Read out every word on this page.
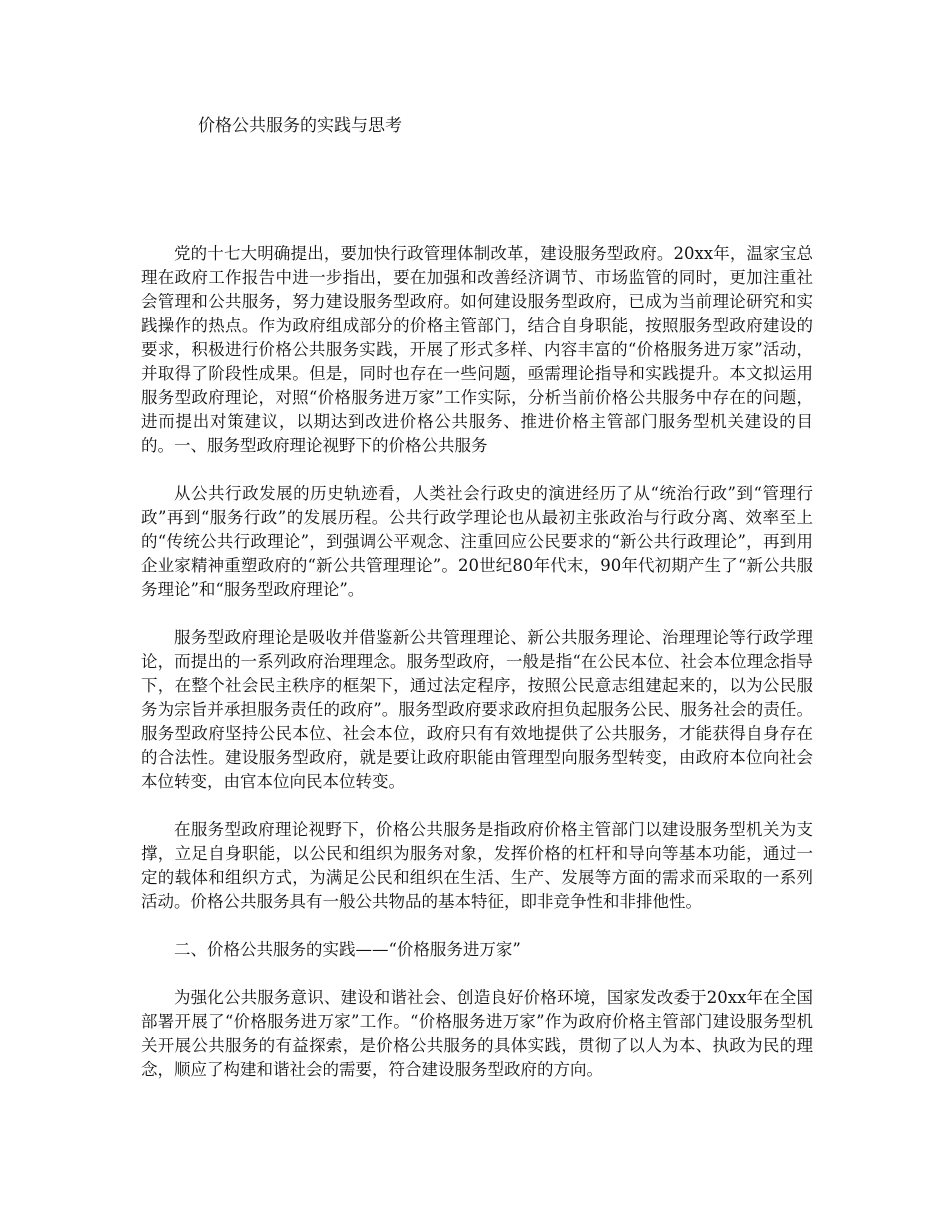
价格公共服务的实践与思考

党的十七大明确提出，要加快行政管理体制改革，建设服务型政府。20xx年，温家宝总理在政府工作报告中进一步指出，要在加强和改善经济调节、市场监管的同时，更加注重社会管理和公共服务，努力建设服务型政府。如何建设服务型政府，已成为当前理论研究和实践操作的热点。作为政府组成部分的价格主管部门，结合自身职能，按照服务型政府建设的要求，积极进行价格公共服务实践，开展了形式多样、内容丰富的“价格服务进万家”活动，并取得了阶段性成果。但是，同时也存在一些问题，亟需理论指导和实践提升。本文拟运用服务型政府理论，对照“价格服务进万家”工作实际，分析当前价格公共服务中存在的问题，进而提出对策建议，以期达到改进价格公共服务、推进价格主管部门服务型机关建设的目的。一、服务型政府理论视野下的价格公共服务

从公共行政发展的历史轨迹看，人类社会行政史的演进经历了从“统治行政”到“管理行政”再到“服务行政”的发展历程。公共行政学理论也从最初主张政治与行政分离、效率至上的“传统公共行政理论”，到强调公平观念、注重回应公民要求的“新公共行政理论”，再到用企业家精神重塑政府的“新公共管理理论”。20世纪80年代末，90年代初期产生了“新公共服务理论”和“服务型政府理论”。

服务型政府理论是吸收并借鉴新公共管理理论、新公共服务理论、治理理论等行政学理论，而提出的一系列政府治理理念。服务型政府，一般是指“在公民本位、社会本位理念指导下，在整个社会民主秩序的框架下，通过法定程序，按照公民意志组建起来的，以为公民服务为宗旨并承担服务责任的政府”。服务型政府要求政府担负起服务公民、服务社会的责任。服务型政府坚持公民本位、社会本位，政府只有有效地提供了公共服务，才能获得自身存在的合法性。建设服务型政府，就是要让政府职能由管理型向服务型转变，由政府本位向社会本位转变，由官本位向民本位转变。

在服务型政府理论视野下，价格公共服务是指政府价格主管部门以建设服务型机关为支撑，立足自身职能，以公民和组织为服务对象，发挥价格的杠杆和导向等基本功能，通过一定的载体和组织方式，为满足公民和组织在生活、生产、发展等方面的需求而采取的一系列活动。价格公共服务具有一般公共物品的基本特征，即非竞争性和非排他性。

二、价格公共服务的实践——“价格服务进万家”

为强化公共服务意识、建设和谐社会、创造良好价格环境，国家发改委于20xx年在全国部署开展了“价格服务进万家”工作。“价格服务进万家”作为政府价格主管部门建设服务型机关开展公共服务的有益探索，是价格公共服务的具体实践，贯彻了以人为本、执政为民的理念，顺应了构建和谐社会的需要，符合建设服务型政府的方向。
